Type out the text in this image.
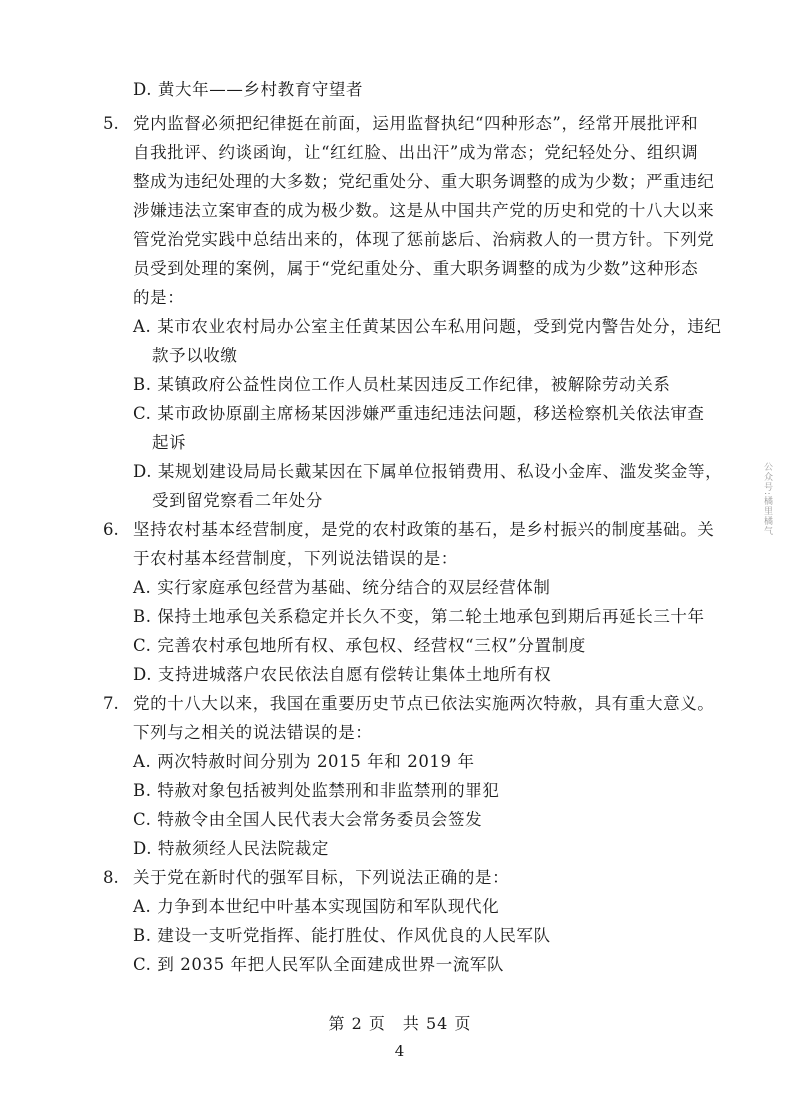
D. 黄大年——乡村教育守望者
5. 党内监督必须把纪律挺在前面，运用监督执纪“四种形态”，经常开展批评和
自我批评、约谈函询，让“红红脸、出出汗”成为常态；党纪轻处分、组织调
整成为违纪处理的大多数；党纪重处分、重大职务调整的成为少数；严重违纪
涉嫌违法立案审查的成为极少数。这是从中国共产党的历史和党的十八大以来
管党治党实践中总结出来的，体现了惩前毖后、治病救人的一贯方针。下列党
员受到处理的案例，属于“党纪重处分、重大职务调整的成为少数”这种形态
的是：
A. 某市农业农村局办公室主任黄某因公车私用问题，受到党内警告处分，违纪
款予以收缴
B. 某镇政府公益性岗位工作人员杜某因违反工作纪律，被解除劳动关系
C. 某市政协原副主席杨某因涉嫌严重违纪违法问题，移送检察机关依法审查
起诉
D. 某规划建设局局长戴某因在下属单位报销费用、私设小金库、滥发奖金等，
受到留党察看二年处分
6. 坚持农村基本经营制度，是党的农村政策的基石，是乡村振兴的制度基础。关
于农村基本经营制度，下列说法错误的是：
A. 实行家庭承包经营为基础、统分结合的双层经营体制
B. 保持土地承包关系稳定并长久不变，第二轮土地承包到期后再延长三十年
C. 完善农村承包地所有权、承包权、经营权“三权”分置制度
D. 支持进城落户农民依法自愿有偿转让集体土地所有权
7. 党的十八大以来，我国在重要历史节点已依法实施两次特赦，具有重大意义。
下列与之相关的说法错误的是：
A. 两次特赦时间分别为 2015 年和 2019 年
B. 特赦对象包括被判处监禁刑和非监禁刑的罪犯
C. 特赦令由全国人民代表大会常务委员会签发
D. 特赦须经人民法院裁定
8. 关于党在新时代的强军目标，下列说法正确的是：
A. 力争到本世纪中叶基本实现国防和军队现代化
B. 建设一支听党指挥、能打胜仗、作风优良的人民军队
C. 到 2035 年把人民军队全面建成世界一流军队
公众号:橘里橘气
第 2 页　共 54 页
4
